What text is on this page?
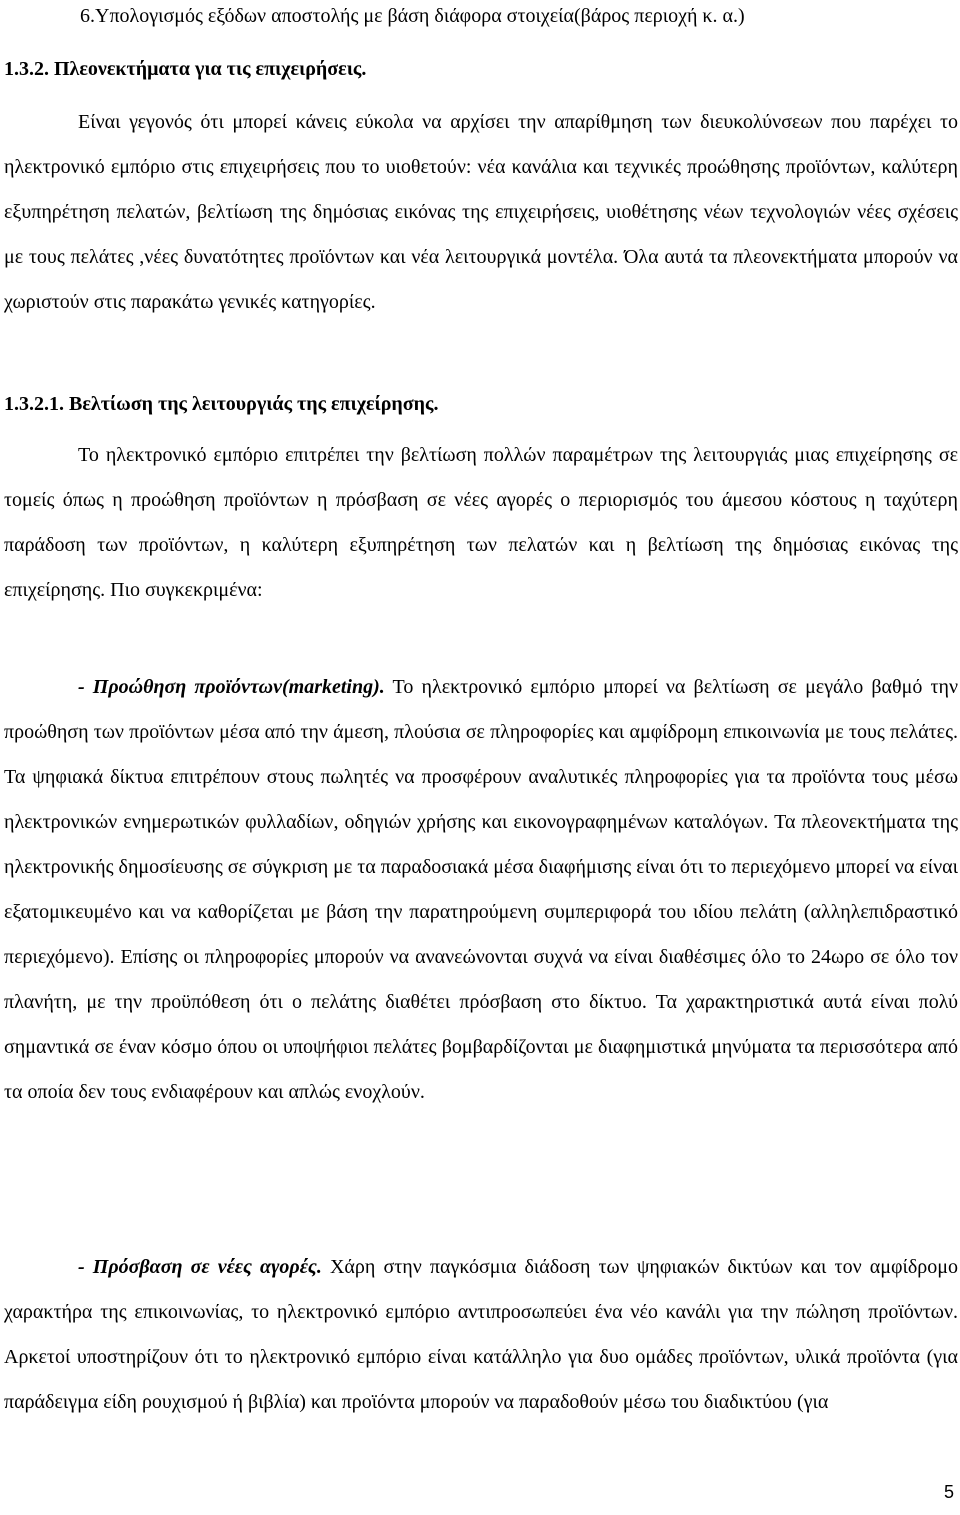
6.Υπολογισμός εξόδων αποστολής με βάση διάφορα στοιχεία(βάρος περιοχή κ. α.)
1.3.2. Πλεονεκτήματα για τις επιχειρήσεις.

Είναι γεγονός ότι μπορεί κάνεις εύκολα να αρχίσει την απαρίθμηση των διευκολύνσεων που παρέχει το ηλεκτρονικό εμπόριο στις επιχειρήσεις που το υιοθετούν: νέα κανάλια και τεχνικές προώθησης προϊόντων, καλύτερη εξυπηρέτηση πελατών, βελτίωση της δημόσιας εικόνας της επιχειρήσεις, υιοθέτησης νέων τεχνολογιών νέες σχέσεις με τους πελάτες ,νέες δυνατότητες προϊόντων και νέα λειτουργικά μοντέλα. Όλα αυτά τα πλεονεκτήματα μπορούν να χωριστούν στις παρακάτω γενικές κατηγορίες.

1.3.2.1. Βελτίωση της λειτουργιάς της επιχείρησης.

Το ηλεκτρονικό εμπόριο επιτρέπει την βελτίωση πολλών παραμέτρων της λειτουργιάς μιας επιχείρησης σε τομείς όπως η προώθηση προϊόντων η πρόσβαση σε νέες αγορές ο περιορισμός του άμεσου κόστους η ταχύτερη παράδοση των προϊόντων, η καλύτερη εξυπηρέτηση των πελατών και η βελτίωση της δημόσιας εικόνας της επιχείρησης. Πιο συγκεκριμένα:

- Προώθηση προϊόντων(marketing). Το ηλεκτρονικό εμπόριο μπορεί να βελτίωση σε μεγάλο βαθμό την προώθηση των προϊόντων μέσα από την άμεση, πλούσια σε πληροφορίες και αμφίδρομη επικοινωνία με τους πελάτες. Τα ψηφιακά δίκτυα επιτρέπουν στους πωλητές να προσφέρουν αναλυτικές πληροφορίες για τα προϊόντα τους μέσω ηλεκτρονικών ενημερωτικών φυλλαδίων, οδηγιών χρήσης και εικονογραφημένων καταλόγων. Τα πλεονεκτήματα της ηλεκτρονικής δημοσίευσης σε σύγκριση με τα παραδοσιακά μέσα διαφήμισης είναι ότι το περιεχόμενο μπορεί να είναι εξατομικευμένο και να καθορίζεται με βάση την παρατηρούμενη συμπεριφορά του ιδίου πελάτη (αλληλεπιδραστικό περιεχόμενο). Επίσης οι πληροφορίες μπορούν να ανανεώνονται συχνά να είναι διαθέσιμες όλο το 24ωρο σε όλο τον πλανήτη, με την προϋπόθεση ότι ο πελάτης διαθέτει πρόσβαση στο δίκτυο. Τα χαρακτηριστικά αυτά είναι πολύ σημαντικά σε έναν κόσμο όπου οι υποψήφιοι πελάτες βομβαρδίζονται με διαφημιστικά μηνύματα τα περισσότερα από τα οποία δεν τους ενδιαφέρουν και απλώς ενοχλούν.

- Πρόσβαση σε νέες αγορές. Χάρη στην παγκόσμια διάδοση των ψηφιακών δικτύων και τον αμφίδρομο χαρακτήρα της επικοινωνίας, το ηλεκτρονικό εμπόριο αντιπροσωπεύει ένα νέο κανάλι για την πώληση προϊόντων. Αρκετοί υποστηρίζουν ότι το ηλεκτρονικό εμπόριο είναι κατάλληλο για δυο ομάδες προϊόντων, υλικά προϊόντα (για παράδειγμα είδη ρουχισμού ή βιβλία) και προϊόντα μπορούν να παραδοθούν μέσω του διαδικτύου (για

5
